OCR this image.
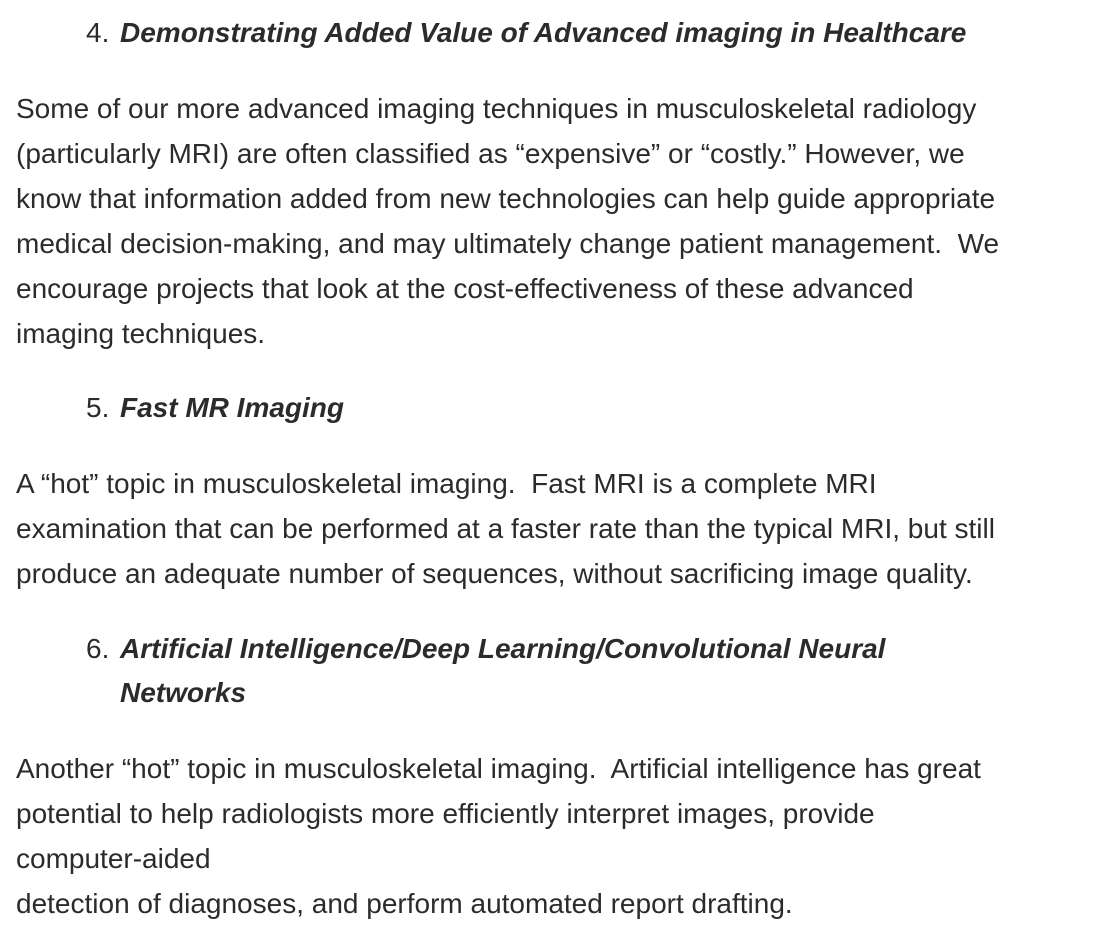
4. Demonstrating Added Value of Advanced imaging in Healthcare
Some of our more advanced imaging techniques in musculoskeletal radiology
(particularly MRI) are often classified as “expensive” or “costly.” However, we
know that information added from new technologies can help guide appropriate
medical decision-making, and may ultimately change patient management.  We
encourage projects that look at the cost-effectiveness of these advanced
imaging techniques.
5. Fast MR Imaging
A “hot” topic in musculoskeletal imaging.  Fast MRI is a complete MRI
examination that can be performed at a faster rate than the typical MRI, but still
produce an adequate number of sequences, without sacrificing image quality.
6. Artificial Intelligence/Deep Learning/Convolutional Neural
Networks
Another “hot” topic in musculoskeletal imaging.  Artificial intelligence has great
potential to help radiologists more efficiently interpret images, provide
computer-aided
detection of diagnoses, and perform automated report drafting.
